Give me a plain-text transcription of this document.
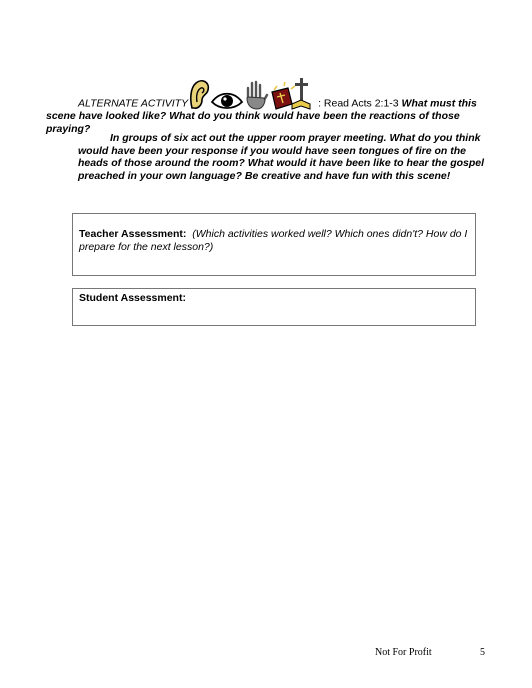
ALTERNATE ACTIVITY	: Read Acts 2:1-3 What must this scene have looked like? What do you think would have been the reactions of those praying?
In groups of six act out the upper room prayer meeting. What do you think would have been your response if you would have seen tongues of fire on the heads of those around the room? What would it have been like to hear the gospel preached in your own language? Be creative and have fun with this scene!
Teacher Assessment: (Which activities worked well? Which ones didn't? How do I prepare for the next lesson?)
Student Assessment:
Not For Profit	5
